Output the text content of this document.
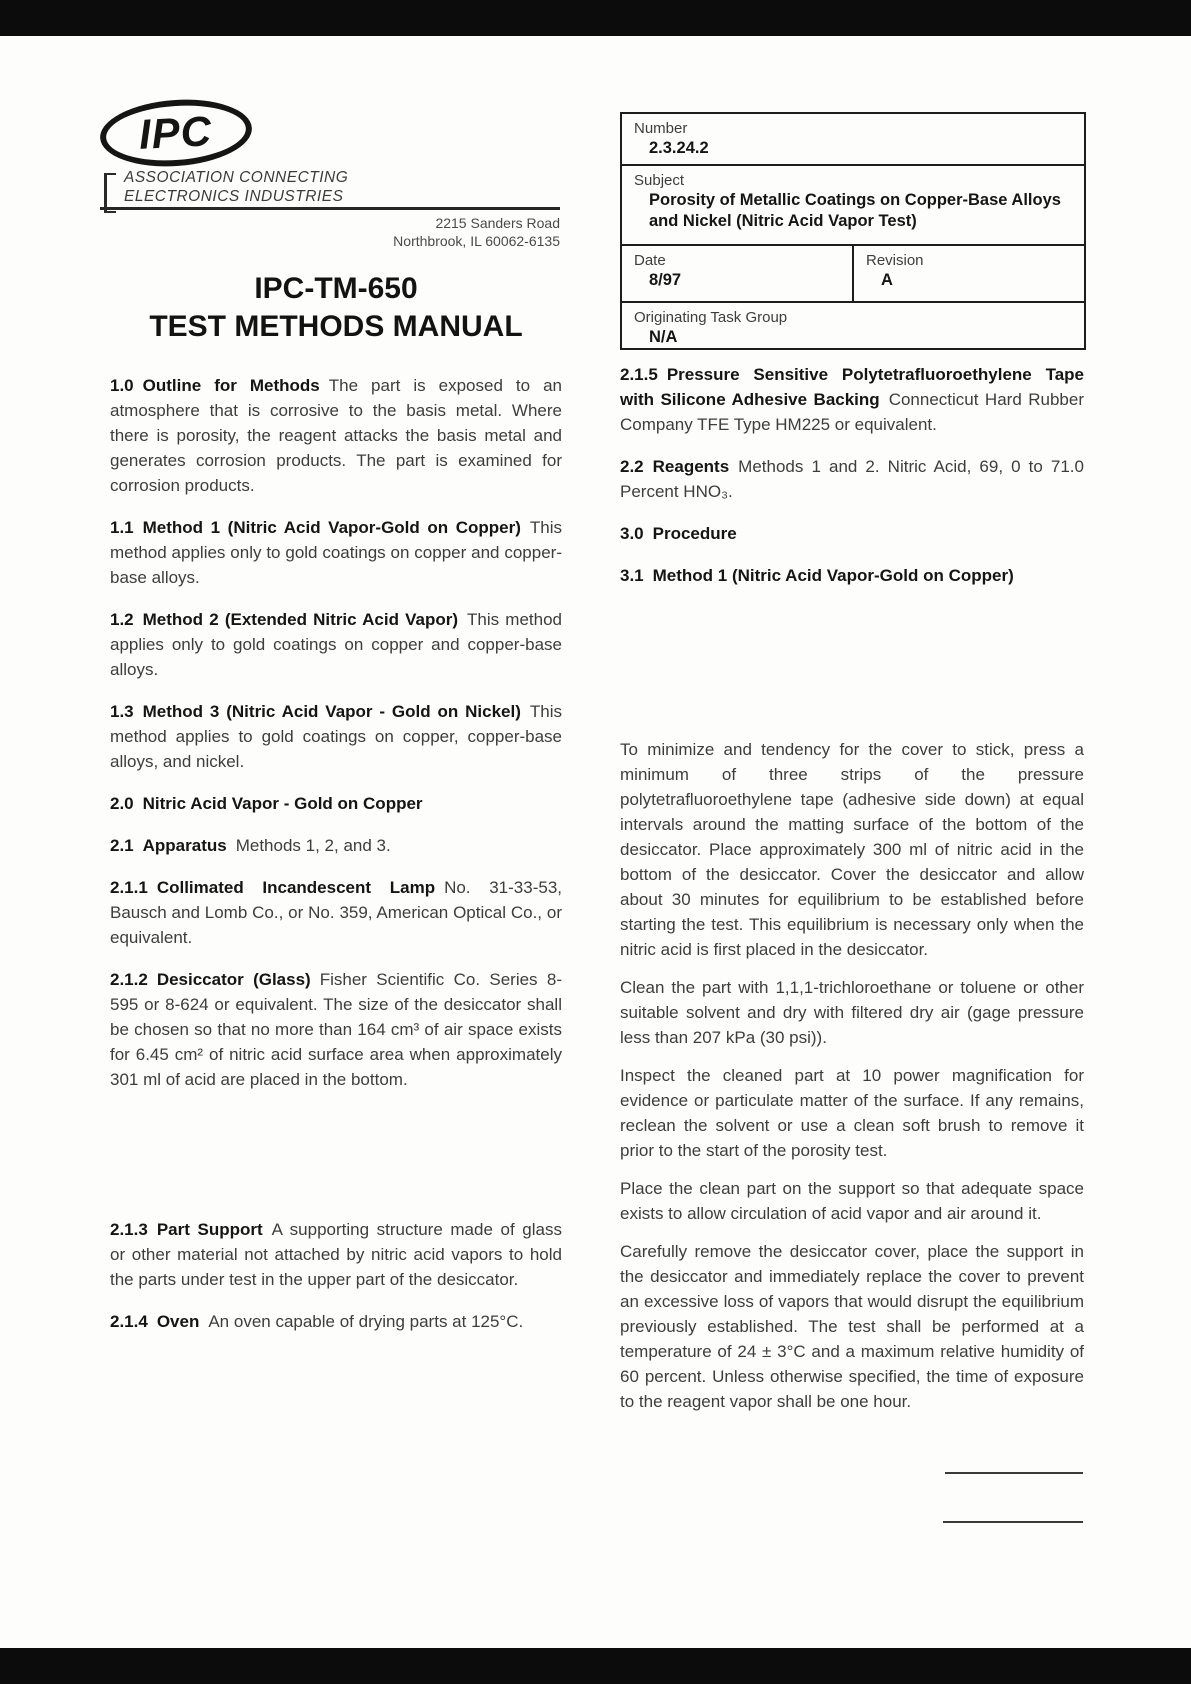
IPC
ASSOCIATION CONNECTING
ELECTRONICS INDUSTRIES
2215 Sanders Road
Northbrook, IL 60062-6135
Number
2.3.24.2
Subject
Porosity of Metallic Coatings on Copper-Base Alloys and Nickel (Nitric Acid Vapor Test)
Date
8/97
Revision
A
Originating Task Group
N/A
IPC-TM-650
TEST METHODS MANUAL

1.0 Outline for Methods The part is exposed to an atmosphere that is corrosive to the basis metal. Where there is porosity, the reagent attacks the basis metal and generates corrosion products. The part is examined for corrosion products.

1.1 Method 1 (Nitric Acid Vapor-Gold on Copper) This method applies only to gold coatings on copper and copper-base alloys.

1.2 Method 2 (Extended Nitric Acid Vapor) This method applies only to gold coatings on copper and copper-base alloys.

1.3 Method 3 (Nitric Acid Vapor - Gold on Nickel) This method applies to gold coatings on copper, copper-base alloys, and nickel.

2.0 Nitric Acid Vapor - Gold on Copper

2.1 Apparatus Methods 1, 2, and 3.

2.1.1 Collimated Incandescent Lamp No. 31-33-53, Bausch and Lomb Co., or No. 359, American Optical Co., or equivalent.

2.1.2 Desiccator (Glass) Fisher Scientific Co. Series 8-595 or 8-624 or equivalent. The size of the desiccator shall be chosen so that no more than 164 cm³ of air space exists for 6.45 cm² of nitric acid surface area when approximately 301 ml of acid are placed in the bottom.

2.1.3 Part Support A supporting structure made of glass or other material not attached by nitric acid vapors to hold the parts under test in the upper part of the desiccator.

2.1.4 Oven An oven capable of drying parts at 125°C.

2.1.5 Pressure Sensitive Polytetrafluoroethylene Tape with Silicone Adhesive Backing Connecticut Hard Rubber Company TFE Type HM225 or equivalent.

2.2 Reagents Methods 1 and 2. Nitric Acid, 69, 0 to 71.0 Percent HNO₃.

3.0 Procedure

3.1 Method 1 (Nitric Acid Vapor-Gold on Copper)

To minimize and tendency for the cover to stick, press a minimum of three strips of the pressure polytetrafluoroethylene tape (adhesive side down) at equal intervals around the matting surface of the bottom of the desiccator. Place approximately 300 ml of nitric acid in the bottom of the desiccator. Cover the desiccator and allow about 30 minutes for equilibrium to be established before starting the test. This equilibrium is necessary only when the nitric acid is first placed in the desiccator.

Clean the part with 1,1,1-trichloroethane or toluene or other suitable solvent and dry with filtered dry air (gage pressure less than 207 kPa (30 psi)).

Inspect the cleaned part at 10 power magnification for evidence or particulate matter of the surface. If any remains, reclean the solvent or use a clean soft brush to remove it prior to the start of the porosity test.

Place the clean part on the support so that adequate space exists to allow circulation of acid vapor and air around it.

Carefully remove the desiccator cover, place the support in the desiccator and immediately replace the cover to prevent an excessive loss of vapors that would disrupt the equilibrium previously established. The test shall be performed at a temperature of 24 ± 3°C and a maximum relative humidity of 60 percent. Unless otherwise specified, the time of exposure to the reagent vapor shall be one hour.
